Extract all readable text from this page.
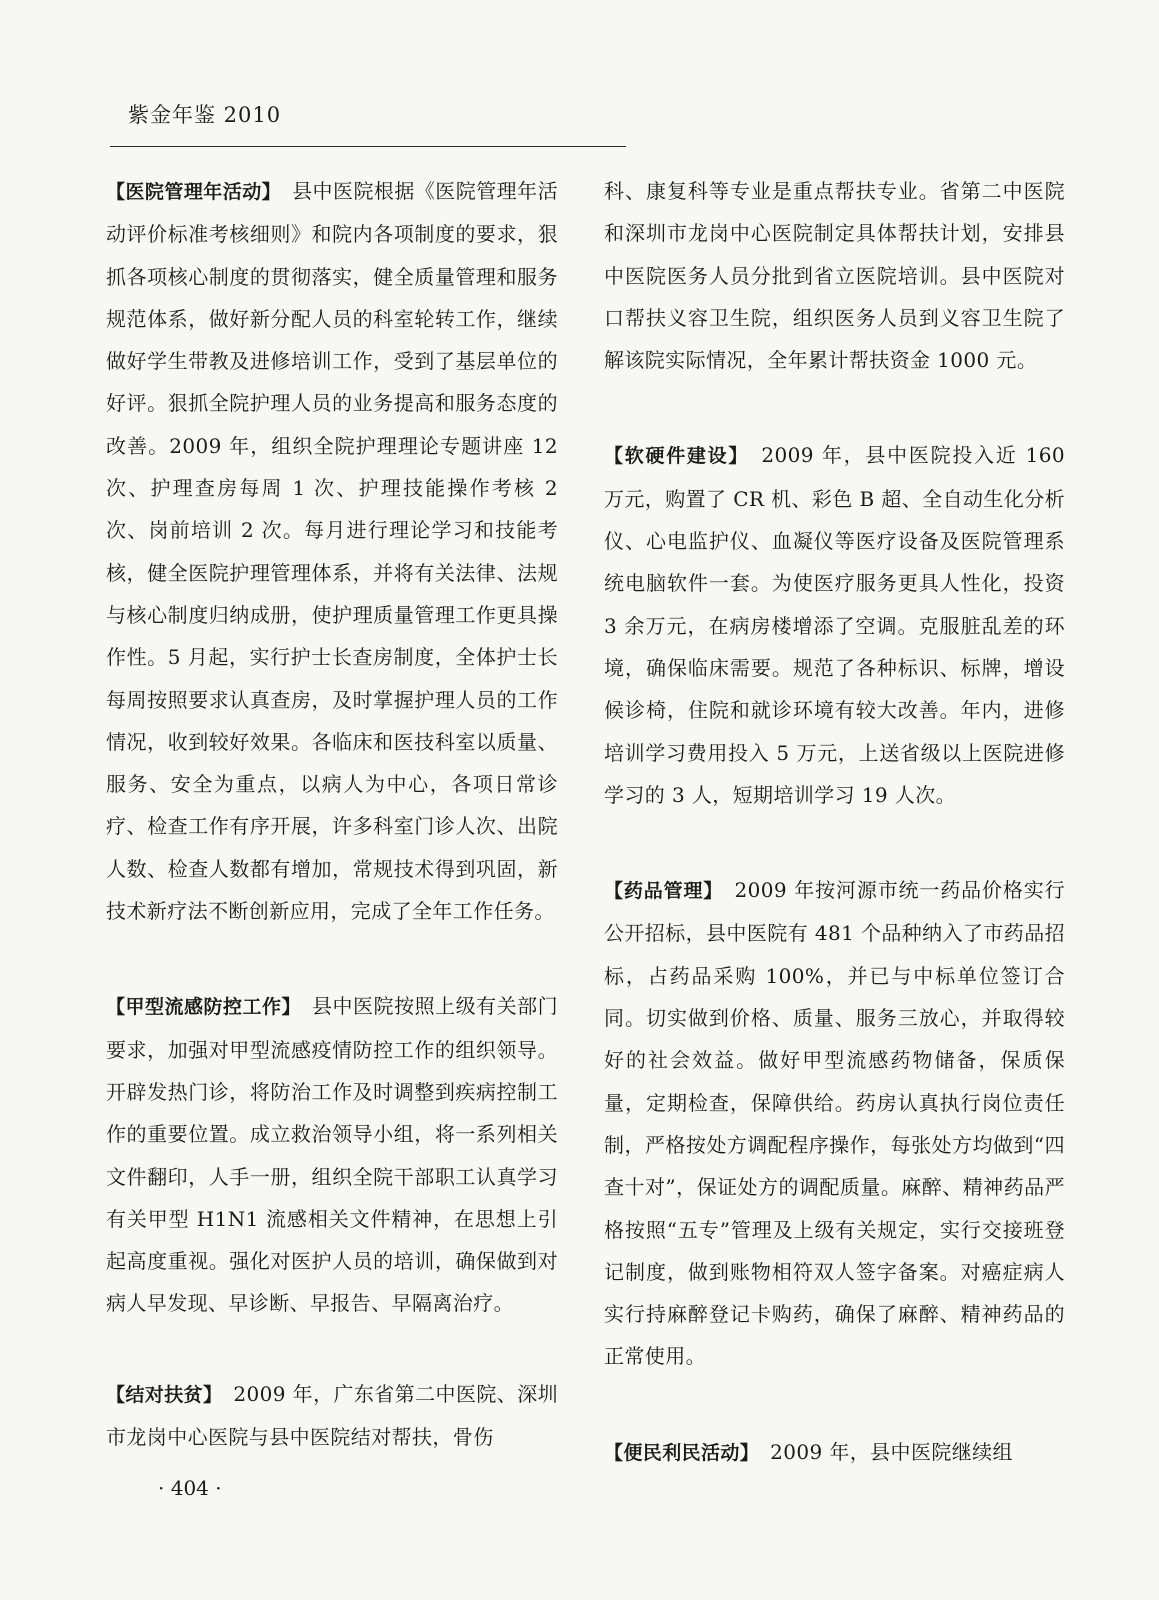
紫金年鉴 2010

【医院管理年活动】　县中医院根据《医院管理年活动评价标准考核细则》和院内各项制度的要求，狠抓各项核心制度的贯彻落实，健全质量管理和服务规范体系，做好新分配人员的科室轮转工作，继续做好学生带教及进修培训工作，受到了基层单位的好评。狠抓全院护理人员的业务提高和服务态度的改善。2009 年，组织全院护理理论专题讲座 12 次、护理查房每周 1 次、护理技能操作考核 2 次、岗前培训 2 次。每月进行理论学习和技能考核，健全医院护理管理体系，并将有关法律、法规与核心制度归纳成册，使护理质量管理工作更具操作性。5 月起，实行护士长查房制度，全体护士长每周按照要求认真查房，及时掌握护理人员的工作情况，收到较好效果。各临床和医技科室以质量、服务、安全为重点，以病人为中心，各项日常诊疗、检查工作有序开展，许多科室门诊人次、出院人数、检查人数都有增加，常规技术得到巩固，新技术新疗法不断创新应用，完成了全年工作任务。

【甲型流感防控工作】　县中医院按照上级有关部门要求，加强对甲型流感疫情防控工作的组织领导。开辟发热门诊，将防治工作及时调整到疾病控制工作的重要位置。成立救治领导小组，将一系列相关文件翻印，人手一册，组织全院干部职工认真学习有关甲型 H1N1 流感相关文件精神，在思想上引起高度重视。强化对医护人员的培训，确保做到对病人早发现、早诊断、早报告、早隔离治疗。

【结对扶贫】　2009 年，广东省第二中医院、深圳市龙岗中心医院与县中医院结对帮扶，骨伤

科、康复科等专业是重点帮扶专业。省第二中医院和深圳市龙岗中心医院制定具体帮扶计划，安排县中医院医务人员分批到省立医院培训。县中医院对口帮扶义容卫生院，组织医务人员到义容卫生院了解该院实际情况，全年累计帮扶资金 1000 元。

【软硬件建设】　2009 年，县中医院投入近 160 万元，购置了 CR 机、彩色 B 超、全自动生化分析仪、心电监护仪、血凝仪等医疗设备及医院管理系统电脑软件一套。为使医疗服务更具人性化，投资 3 余万元，在病房楼增添了空调。克服脏乱差的环境，确保临床需要。规范了各种标识、标牌，增设候诊椅，住院和就诊环境有较大改善。年内，进修培训学习费用投入 5 万元，上送省级以上医院进修学习的 3 人，短期培训学习 19 人次。

【药品管理】　2009 年按河源市统一药品价格实行公开招标，县中医院有 481 个品种纳入了市药品招标，占药品采购 100%，并已与中标单位签订合同。切实做到价格、质量、服务三放心，并取得较好的社会效益。做好甲型流感药物储备，保质保量，定期检查，保障供给。药房认真执行岗位责任制，严格按处方调配程序操作，每张处方均做到“四查十对”，保证处方的调配质量。麻醉、精神药品严格按照“五专”管理及上级有关规定，实行交接班登记制度，做到账物相符双人签字备案。对癌症病人实行持麻醉登记卡购药，确保了麻醉、精神药品的正常使用。

【便民利民活动】　2009 年，县中医院继续组

· 404 ·
